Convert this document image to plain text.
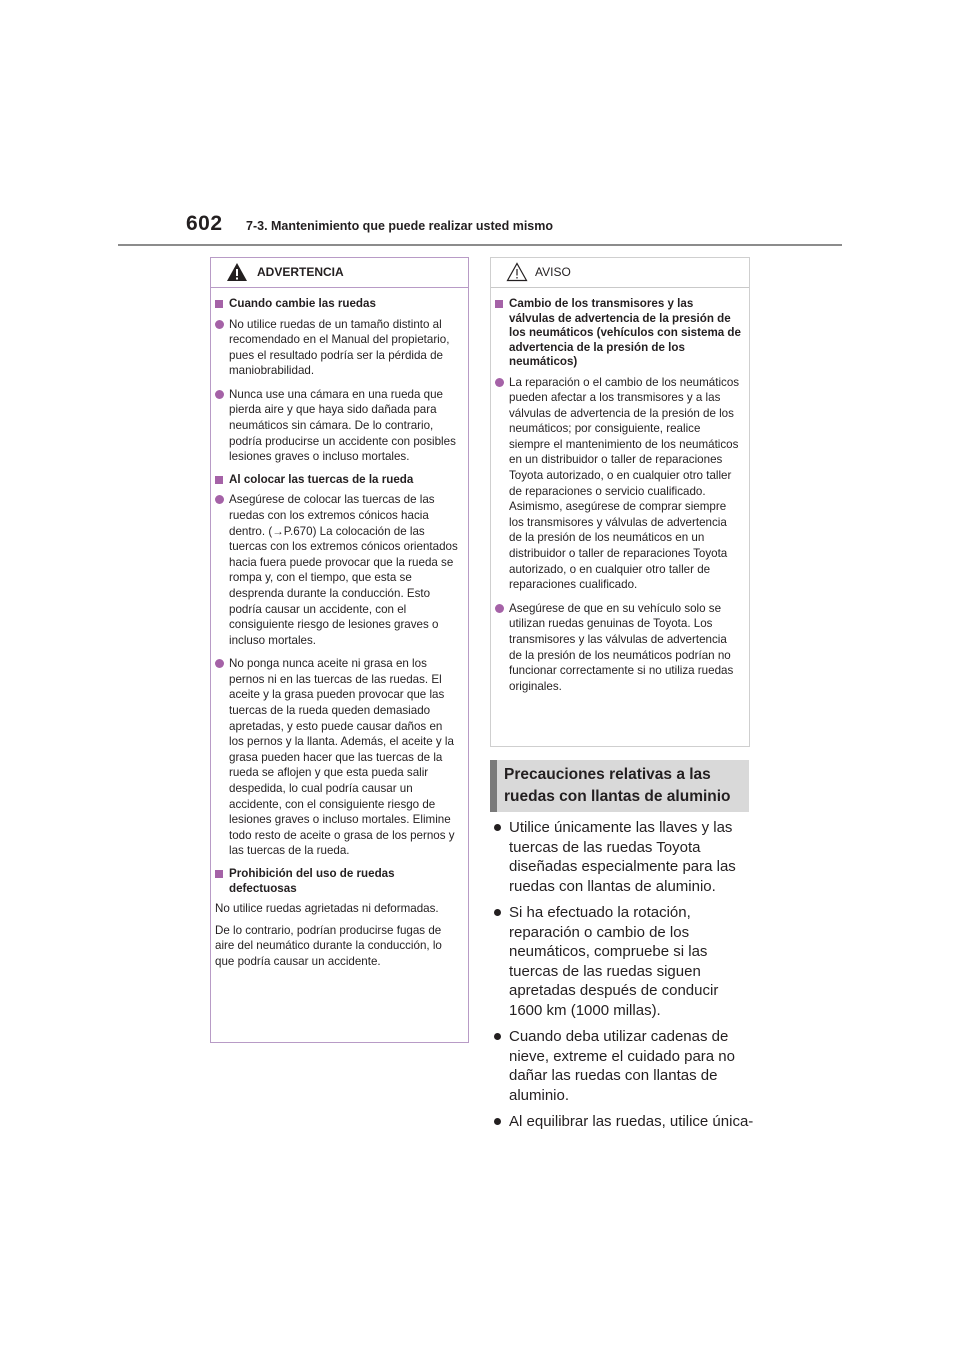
602 7-3. Mantenimiento que puede realizar usted mismo
ADVERTENCIA
Cuando cambie las ruedas
No utilice ruedas de un tamaño distinto al recomendado en el Manual del propietario, pues el resultado podría ser la pérdida de maniobrabilidad.
Nunca use una cámara en una rueda que pierda aire y que haya sido dañada para neumáticos sin cámara. De lo contrario, podría producirse un accidente con posibles lesiones graves o incluso mortales.
Al colocar las tuercas de la rueda
Asegúrese de colocar las tuercas de las ruedas con los extremos cónicos hacia dentro. (→P.670) La colocación de las tuercas con los extremos cónicos orientados hacia fuera puede provocar que la rueda se rompa y, con el tiempo, que esta se desprenda durante la conducción. Esto podría causar un accidente, con el consiguiente riesgo de lesiones graves o incluso mortales.
No ponga nunca aceite ni grasa en los pernos ni en las tuercas de las ruedas. El aceite y la grasa pueden provocar que las tuercas de la rueda queden demasiado apretadas, y esto puede causar daños en los pernos y la llanta. Además, el aceite y la grasa pueden hacer que las tuercas de la rueda se aflojen y que esta pueda salir despedida, lo cual podría causar un accidente, con el consiguiente riesgo de lesiones graves o incluso mortales. Elimine todo resto de aceite o grasa de los pernos y las tuercas de la rueda.
Prohibición del uso de ruedas defectuosas
No utilice ruedas agrietadas ni deformadas.
De lo contrario, podrían producirse fugas de aire del neumático durante la conducción, lo que podría causar un accidente.
AVISO
Cambio de los transmisores y las válvulas de advertencia de la presión de los neumáticos (vehículos con sistema de advertencia de la presión de los neumáticos)
La reparación o el cambio de los neumáticos pueden afectar a los transmisores y a las válvulas de advertencia de la presión de los neumáticos; por consiguiente, realice siempre el mantenimiento de los neumáticos en un distribuidor o taller de reparaciones Toyota autorizado, o en cualquier otro taller de reparaciones o servicio cualificado. Asimismo, asegúrese de comprar siempre los transmisores y válvulas de advertencia de la presión de los neumáticos en un distribuidor o taller de reparaciones Toyota autorizado, o en cualquier otro taller de reparaciones cualificado.
Asegúrese de que en su vehículo solo se utilizan ruedas genuinas de Toyota. Los transmisores y las válvulas de advertencia de la presión de los neumáticos podrían no funcionar correctamente si no utiliza ruedas originales.
Precauciones relativas a las ruedas con llantas de aluminio
Utilice únicamente las llaves y las tuercas de las ruedas Toyota diseñadas especialmente para las ruedas con llantas de aluminio.
Si ha efectuado la rotación, reparación o cambio de los neumáticos, compruebe si las tuercas de las ruedas siguen apretadas después de conducir 1600 km (1000 millas).
Cuando deba utilizar cadenas de nieve, extreme el cuidado para no dañar las ruedas con llantas de aluminio.
Al equilibrar las ruedas, utilice única-
